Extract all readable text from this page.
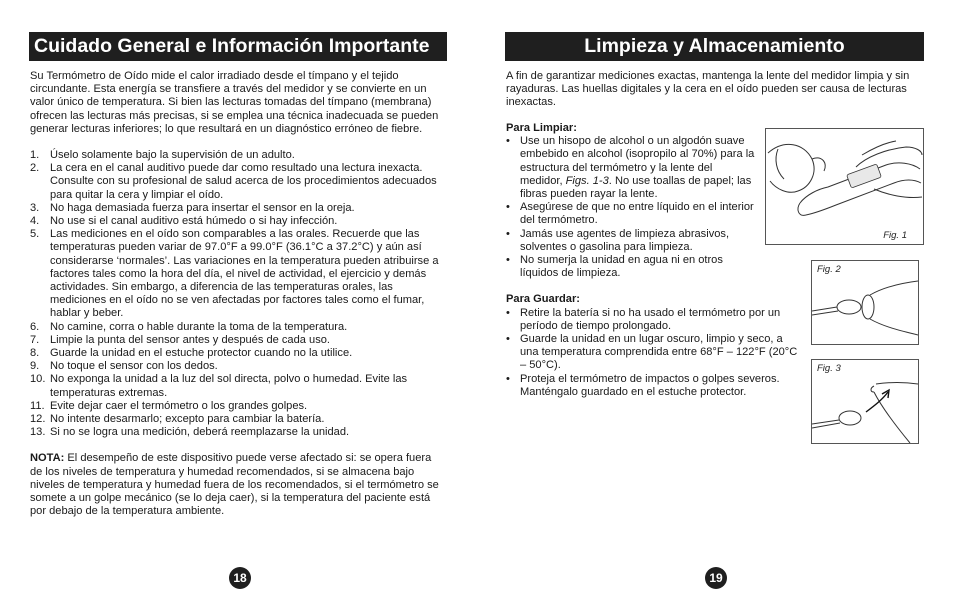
Cuidado General e Información Importante

Su Termómetro de Oído mide el calor irradiado desde el tímpano y el tejido circundante. Esta energía se transfiere a través del medidor y se convierte en un valor único de temperatura. Si bien las lecturas tomadas del tímpano (membrana) ofrecen las lecturas más precisas, si se emplea una técnica inadecuada se pueden generar lecturas inferiores; lo que resultará en un diagnóstico erróneo de fiebre.

1. Úselo solamente bajo la supervisión de un adulto.
2. La cera en el canal auditivo puede dar como resultado una lectura inexacta. Consulte con su profesional de salud acerca de los procedimientos adecuados para quitar la cera y limpiar el oído.
3. No haga demasiada fuerza para insertar el sensor en la oreja.
4. No use si el canal auditivo está húmedo o si hay infección.
5. Las mediciones en el oído son comparables a las orales. Recuerde que las temperaturas pueden variar de 97.0°F a 99.0°F (36.1°C a 37.2°C) y aún así considerarse ‘normales’. Las variaciones en la temperatura pueden atribuirse a factores tales como la hora del día, el nivel de actividad, el ejercicio y demás actividades. Sin embargo, a diferencia de las temperaturas orales, las mediciones en el oído no se ven afectadas por factores tales como el fumar, hablar y beber.
6. No camine, corra o hable durante la toma de la temperatura.
7. Limpie la punta del sensor antes y después de cada uso.
8. Guarde la unidad en el estuche protector cuando no la utilice.
9. No toque el sensor con los dedos.
10. No exponga la unidad a la luz del sol directa, polvo o humedad. Evite las temperaturas extremas.
11. Evite dejar caer el termómetro o los grandes golpes.
12. No intente desarmarlo; excepto para cambiar la batería.
13. Si no se logra una medición, deberá reemplazarse la unidad.

NOTA: El desempeño de este dispositivo puede verse afectado si: se opera fuera de los niveles de temperatura y humedad recomendados, si se almacena bajo niveles de temperatura y humedad fuera de los recomendados, si el termómetro se somete a un golpe mecánico (se lo deja caer), si la temperatura del paciente está por debajo de la temperatura ambiente.

18
Limpieza y Almacenamiento

A fin de garantizar mediciones exactas, mantenga la lente del medidor limpia y sin rayaduras. Las huellas digitales y la cera en el oído pueden ser causa de lecturas inexactas.

Para Limpiar:

• Use un hisopo de alcohol o un algodón suave embebido en alcohol (isopropilo al 70%) para la estructura del termómetro y la lente del medidor, Figs. 1-3. No use toallas de papel; las fibras pueden rayar la lente.
• Asegúrese de que no entre líquido en el interior del termómetro.
• Jamás use agentes de limpieza abrasivos, solventes o gasolina para limpieza.
• No sumerja la unidad en agua ni en otros líquidos de limpieza.

Para Guardar:

• Retire la batería si no ha usado el termómetro por un período de tiempo prolongado.
• Guarde la unidad en un lugar oscuro, limpio y seco, a una temperatura comprendida entre 68°F – 122°F (20°C – 50°C).
• Proteja el termómetro de impactos o golpes severos. Manténgalo guardado en el estuche protector.
Fig. 1
Fig. 2
Fig. 3
19
